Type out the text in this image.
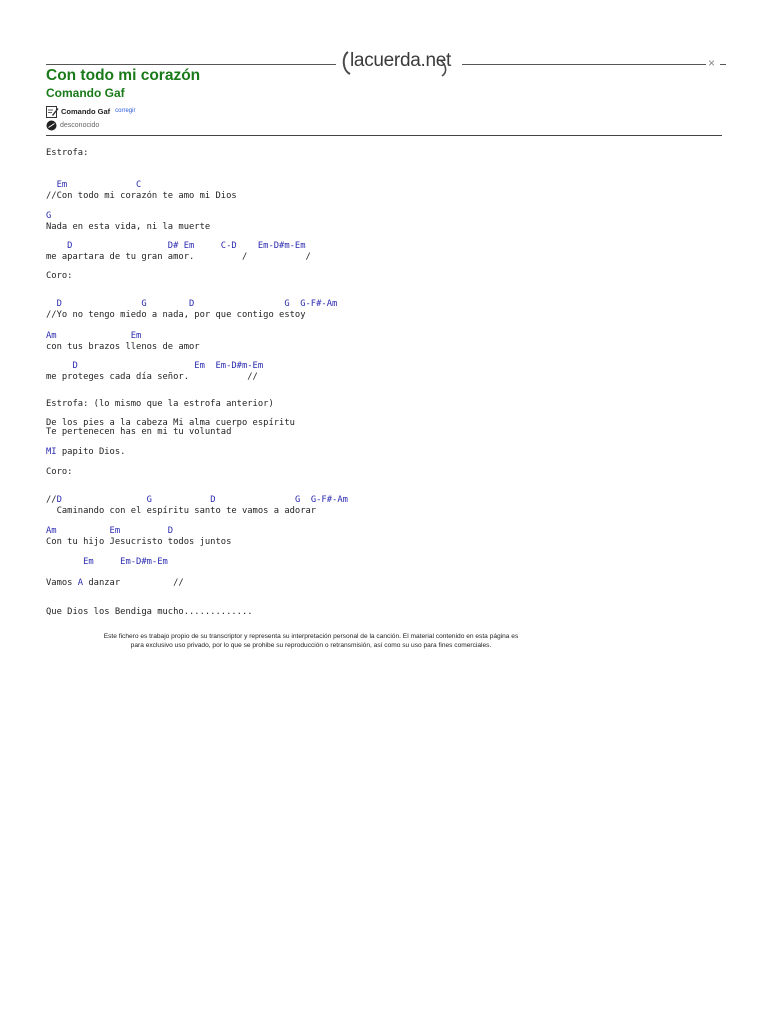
lacuerda.net	×
Con todo mi corazón
Comando Gaf
Comando Gaf corregir
desconocido
Estrofa:
Em             C
//Con todo mi corazón te amo mi Dios
G
Nada en esta vida, ni la muerte
D                  D# Em     C-D    Em-D#m-Em
me apartara de tu gran amor.         /           /
Coro:
D               G        D                 G  G-F#-Am
//Yo no tengo miedo a nada, por que contigo estoy
Am              Em
con tus brazos llenos de amor
D                      Em  Em-D#m-Em
me proteges cada día señor.           //
Estrofa: (lo mismo que la estrofa anterior)
De los pies a la cabeza Mi alma cuerpo espíritu
Te pertenecen has en mi tu voluntad
MI papito Dios.
Coro:
//D	G	D	G G-F#-Am
Caminando con el espíritu santo te vamos a adorar
Am          Em         D
Con tu hijo Jesucristo todos juntos
Em     Em-D#m-Em
Vamos A danzar          //
Que Dios los Bendiga mucho.............
Este fichero es trabajo propio de su transcriptor y representa su interpretación personal de la canción. El material contenido en esta página es
para exclusivo uso privado, por lo que se prohibe su reproducción o retransmisión, así como su uso para fines comerciales.
